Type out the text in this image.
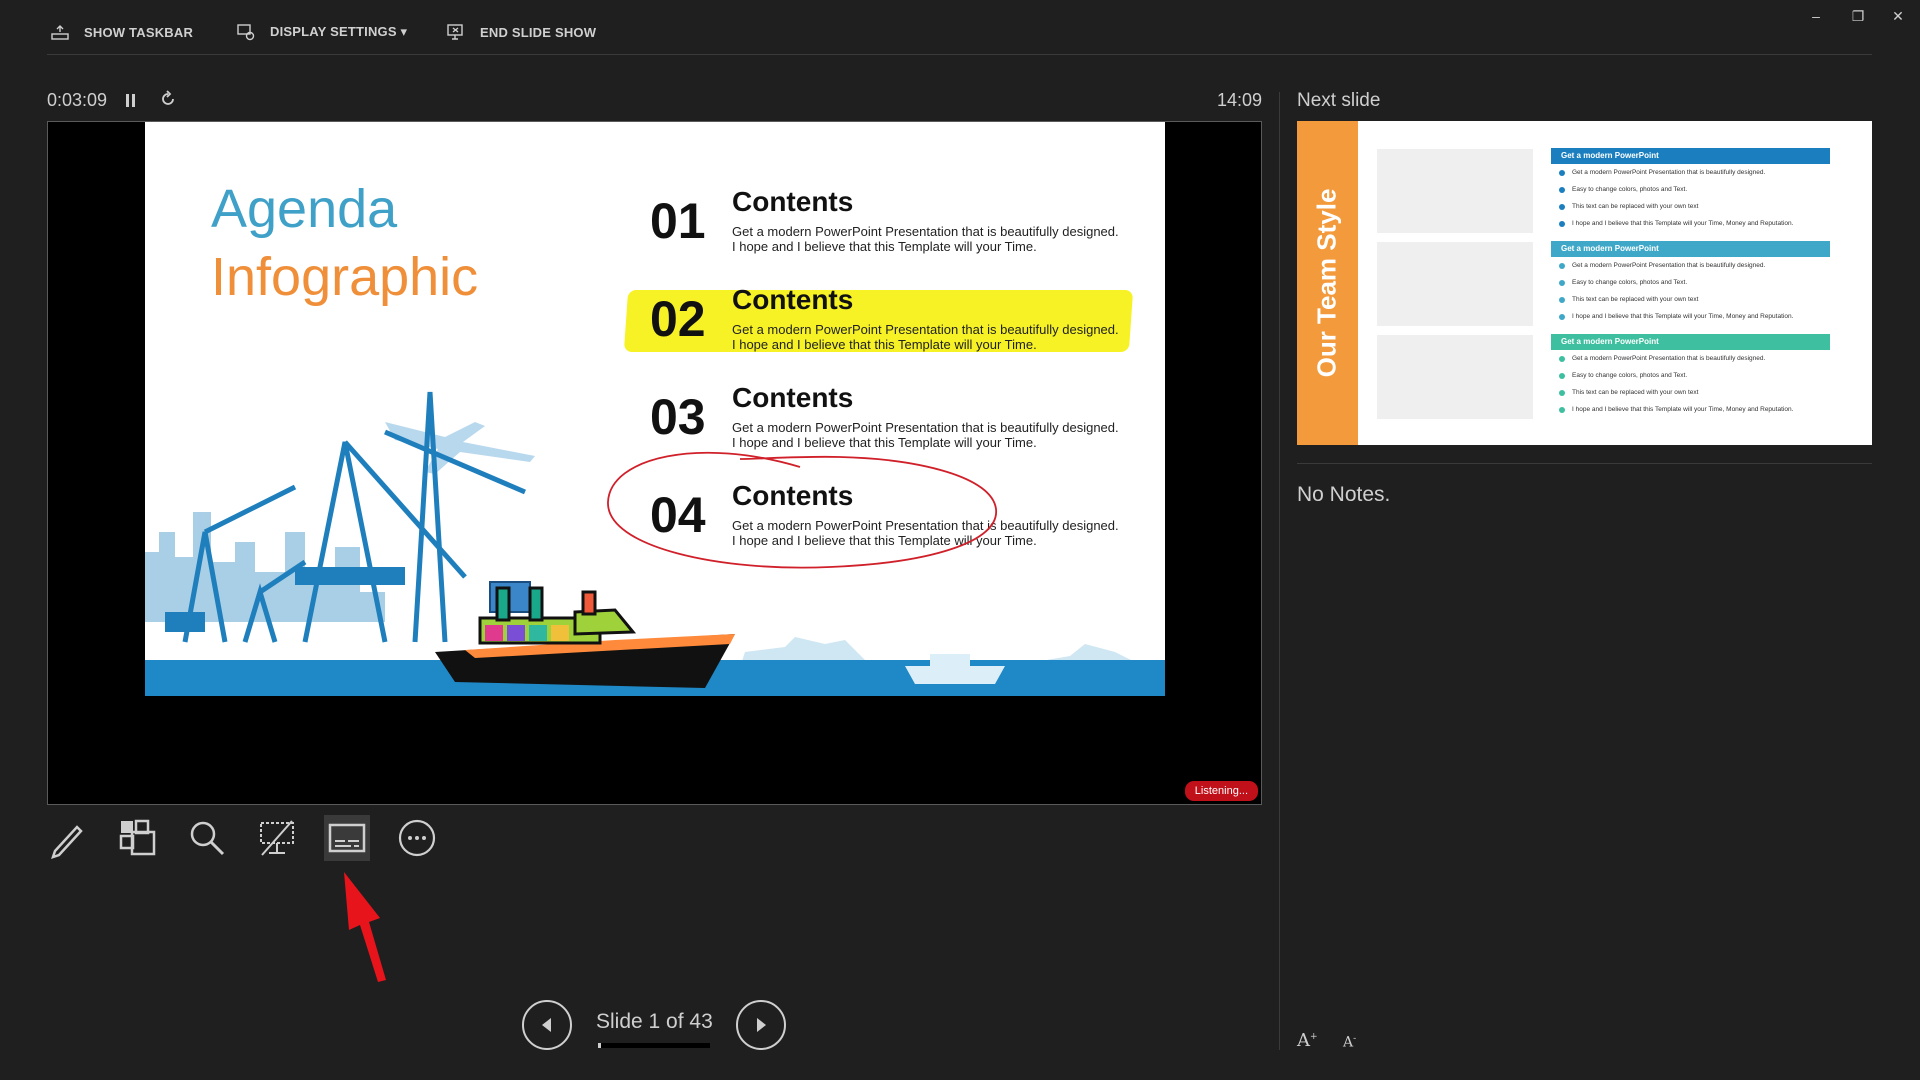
SHOW TASKBAR	DISPLAY SETTINGS ▾	END SLIDE SHOW
– ❐ ✕
0:03:09	14:09
Agenda
Infographic
01 Contents
Get a modern PowerPoint Presentation that is beautifully designed.
I hope and I believe that this Template will your Time.
02 Contents
Get a modern PowerPoint Presentation that is beautifully designed.
I hope and I believe that this Template will your Time.
03 Contents
Get a modern PowerPoint Presentation that is beautifully designed.
I hope and I believe that this Template will your Time.
04 Contents
Get a modern PowerPoint Presentation that is beautifully designed.
I hope and I believe that this Template will your Time.
Listening...
Slide 1 of 43
Next slide
Our Team Style
Get a modern PowerPoint
Get a modern PowerPoint Presentation that is beautifully designed.
Easy to change colors, photos and Text.
This text can be replaced with your own text
I hope and I believe that this Template will your Time, Money and Reputation.
Get a modern PowerPoint
Get a modern PowerPoint Presentation that is beautifully designed.
Easy to change colors, photos and Text.
This text can be replaced with your own text
I hope and I believe that this Template will your Time, Money and Reputation.
Get a modern PowerPoint
Get a modern PowerPoint Presentation that is beautifully designed.
Easy to change colors, photos and Text.
This text can be replaced with your own text
I hope and I believe that this Template will your Time, Money and Reputation.
No Notes.
A+ A-
